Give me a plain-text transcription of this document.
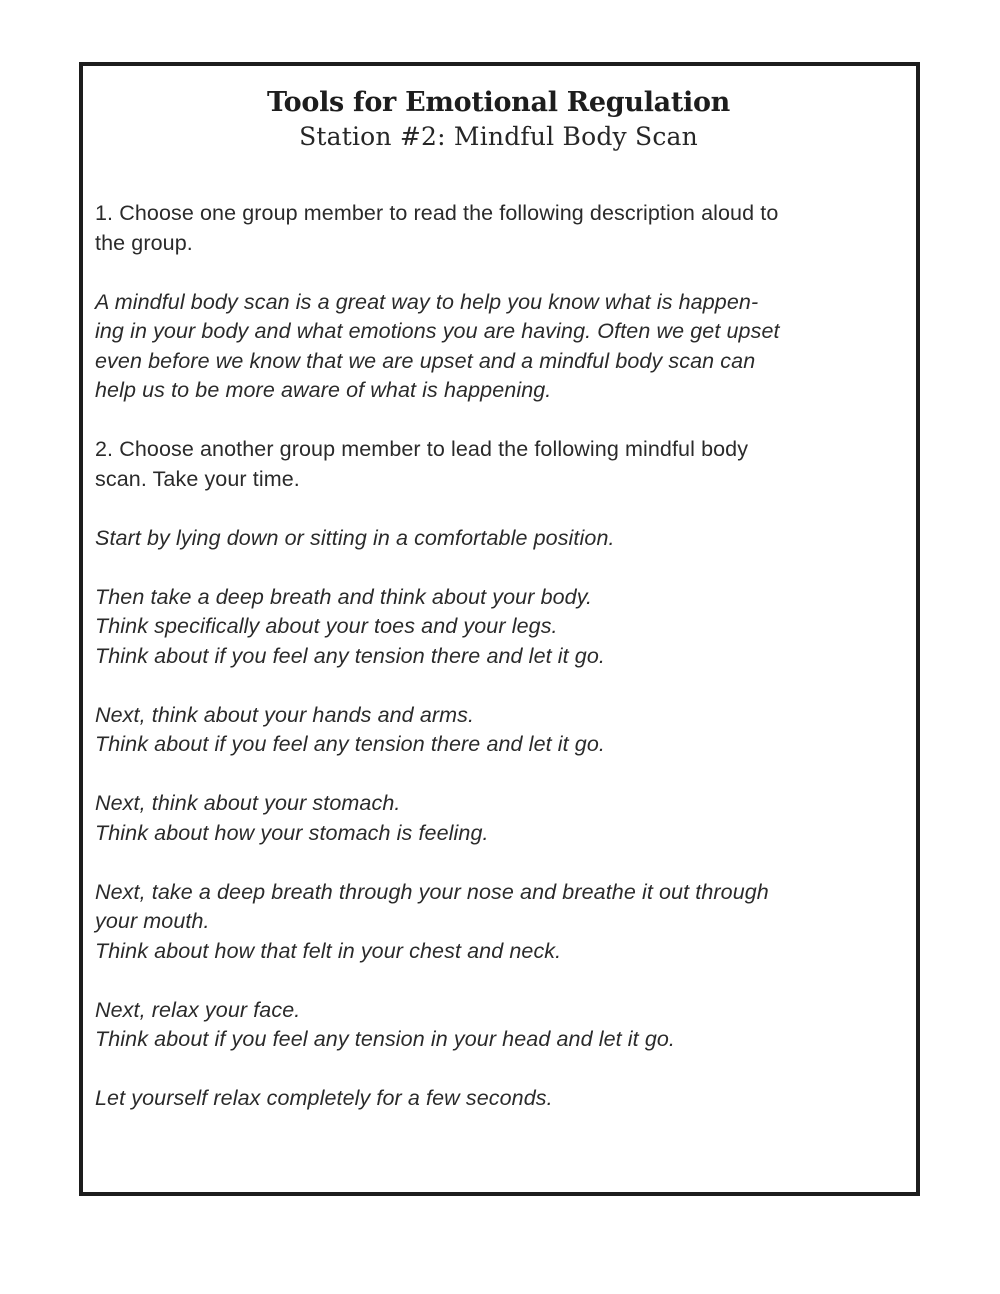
Tools for Emotional Regulation
Station #2: Mindful Body Scan
1. Choose one group member to read the following description aloud to
the group.
A mindful body scan is a great way to help you know what is happen-
ing in your body and what emotions you are having. Often we get upset
even before we know that we are upset and a mindful body scan can
help us to be more aware of what is happening.
2. Choose another group member to lead the following mindful body
scan. Take your time.
Start by lying down or sitting in a comfortable position.
Then take a deep breath and think about your body.
Think specifically about your toes and your legs.
Think about if you feel any tension there and let it go.
Next, think about your hands and arms.
Think about if you feel any tension there and let it go.
Next, think about your stomach.
Think about how your stomach is feeling.
Next, take a deep breath through your nose and breathe it out through
your mouth.
Think about how that felt in your chest and neck.
Next, relax your face.
Think about if you feel any tension in your head and let it go.
Let yourself relax completely for a few seconds.
